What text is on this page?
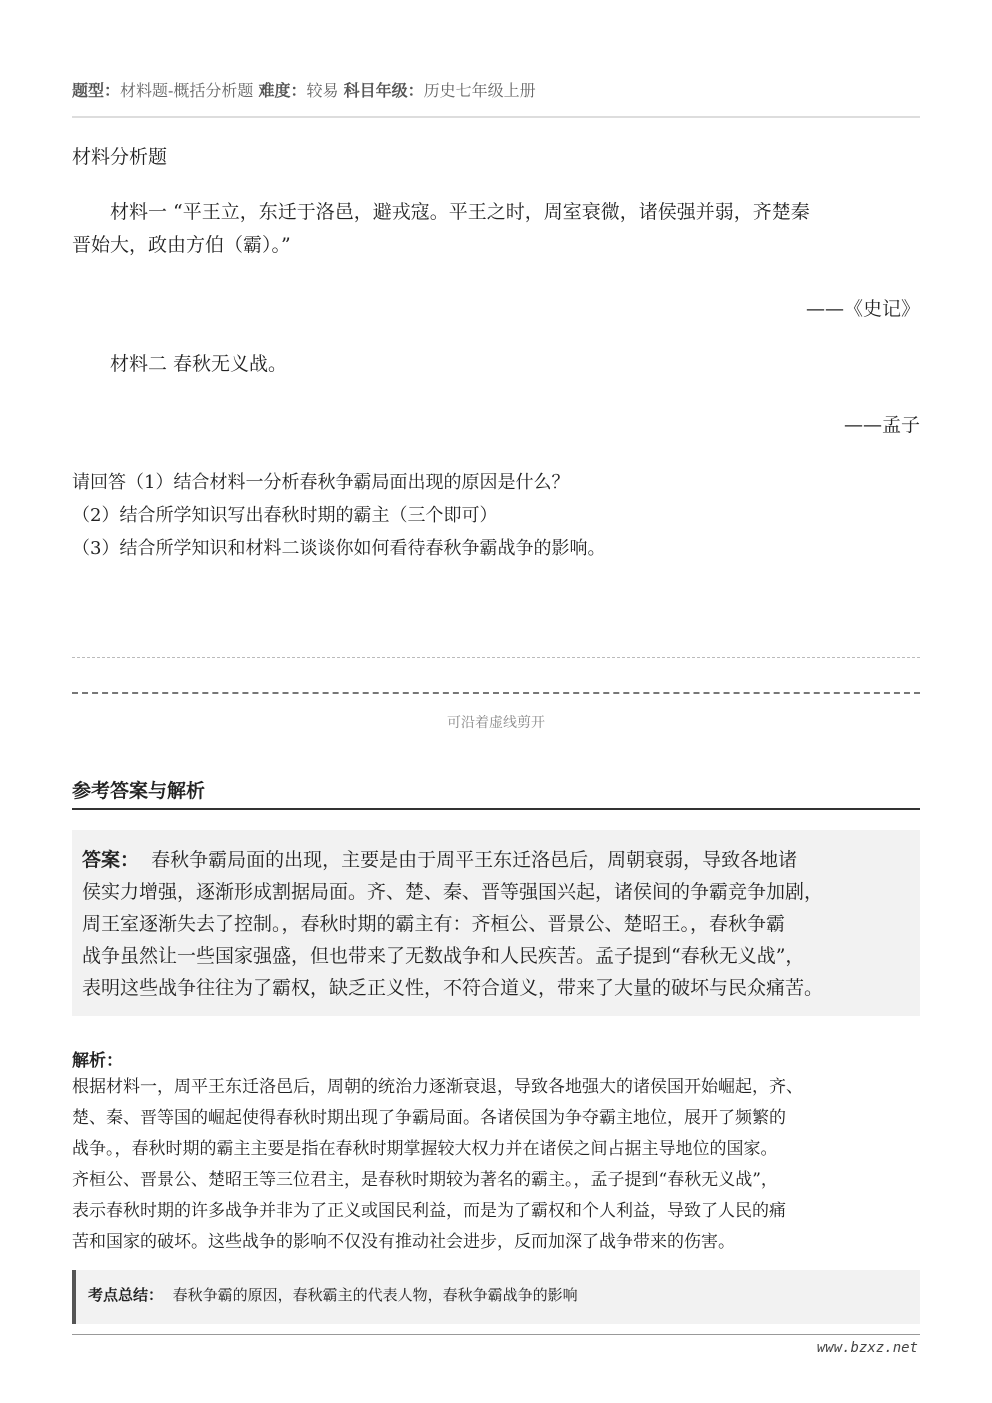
题型：材料题-概括分析题 难度：较易 科目年级：历史七年级上册
材料分析题
　　材料一 “平王立，东迁于洛邑，避戎寇。平王之时，周室衰微，诸侯强并弱，齐楚秦
晋始大，政由方伯（霸）。”
——《史记》
　　材料二 春秋无义战。
——孟子
请回答（1）结合材料一分析春秋争霸局面出现的原因是什么？
（2）结合所学知识写出春秋时期的霸主（三个即可）
（3）结合所学知识和材料二谈谈你如何看待春秋争霸战争的影响。
可沿着虚线剪开
参考答案与解析
答案： 春秋争霸局面的出现，主要是由于周平王东迁洛邑后，周朝衰弱，导致各地诸
侯实力增强，逐渐形成割据局面。齐、楚、秦、晋等强国兴起，诸侯间的争霸竞争加剧，
周王室逐渐失去了控制。，春秋时期的霸主有：齐桓公、晋景公、楚昭王。，春秋争霸
战争虽然让一些国家强盛，但也带来了无数战争和人民疾苦。孟子提到“春秋无义战”，
表明这些战争往往为了霸权，缺乏正义性，不符合道义，带来了大量的破坏与民众痛苦。
解析：
根据材料一，周平王东迁洛邑后，周朝的统治力逐渐衰退，导致各地强大的诸侯国开始崛起，齐、
楚、秦、晋等国的崛起使得春秋时期出现了争霸局面。各诸侯国为争夺霸主地位，展开了频繁的
战争。，春秋时期的霸主主要是指在春秋时期掌握较大权力并在诸侯之间占据主导地位的国家。
齐桓公、晋景公、楚昭王等三位君主，是春秋时期较为著名的霸主。，孟子提到“春秋无义战”，
表示春秋时期的许多战争并非为了正义或国民利益，而是为了霸权和个人利益，导致了人民的痛
苦和国家的破坏。这些战争的影响不仅没有推动社会进步，反而加深了战争带来的伤害。
考点总结： 春秋争霸的原因，春秋霸主的代表人物，春秋争霸战争的影响
www.bzxz.net
